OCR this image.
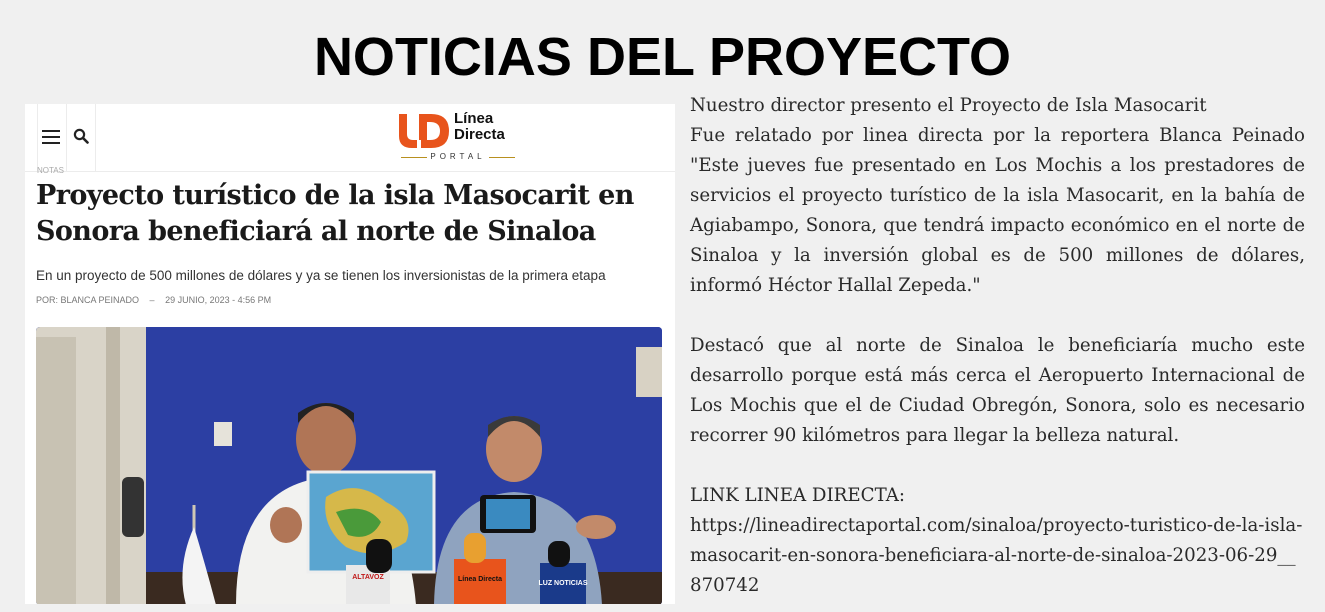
NOTICIAS DEL PROYECTO
Línea
Directa
PORTAL
NOTAS
Proyecto turístico de la isla Masocarit en Sonora beneficiará al norte de Sinaloa

En un proyecto de 500 millones de dólares y ya se tienen los inversionistas de la primera etapa

POR: BLANCA PEINADO – 29 JUNIO, 2023 - 4:56 PM
ALTAVOZ	Línea Directa
LUZ NOTICIAS

Nuestro director presento el Proyecto de Isla Masocarit

Fue relatado por linea directa por la reportera Blanca Peinado "Este jueves fue presentado en Los Mochis a los prestadores de servicios el proyecto turístico de la isla Masocarit, en la bahía de Agiabampo, Sonora, que tendrá impacto económico en el norte de Sinaloa y la inversión global es de 500 millones de dólares, informó Héctor Hallal Zepeda."

Destacó que al norte de Sinaloa le beneficiaría mucho este desarrollo porque está más cerca el Aeropuerto Internacional de Los Mochis que el de Ciudad Obregón, Sonora, solo es necesario recorrer 90 kilómetros para llegar la belleza natural.

LINK LINEA DIRECTA:

https://lineadirectaportal.com/sinaloa/proyecto-turistico-de-la-isla-masocarit-en-sonora-beneficiara-al-norte-de-sinaloa-2023-06-29__870742
